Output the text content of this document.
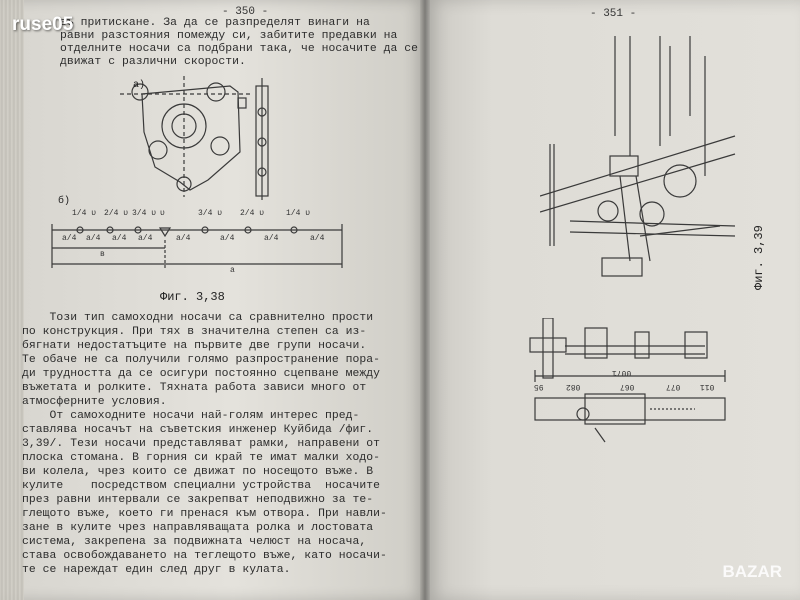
- 350 -
въ притискане. За да се разпределят винаги на
равни разстояния помежду си, забитите предавки на
отделните носачи са подбрани така, че носачите да се
движат с различни скорости.
а)
б)
1/4 υ 2/4 υ 3/4 υ υ	3/4 υ 2/4 υ	1/4 υ
а/4 а/4 а/4 а/4	а/4	а/4	а/4	а/4
в
а
Фиг. 3,38
Този тип самоходни носачи са сравнително прости
по конструкция. При тях в значителна степен са из-
бягнати недостатъците на първите две групи носачи.
Те обаче не са получили голямо разпространение пора-
ди трудността да се осигури постоянно сцепване между
въжетата и ролките. Тяхната работа зависи много от
атмосферните условия.
От самоходните носачи най-голям интерес пред-
ставлява носачът на съветския инженер Куйбида /фиг.
3,39/. Тези носачи представляват рамки, направени от
плоска стомана. В горния си край те имат малки ходо-
ви колела, чрез които се движат по носещото въже. В
кулите    посредством специални устройства  носачите
през равни интервали се закрепват неподвижно за те-
глещото въже, което ги пренася към отвора. При навли-
зане в кулите чрез направляващата ролка и лостовата
система, закрепена за подвижната челюст на носача,
става освобождаването на теглещото въже, като носачи-
те се нареждат един след друг в кулата.
- 351 -
95	082	067
0071
077 011
Фиг. 3,39
ruse05
BAZAR
